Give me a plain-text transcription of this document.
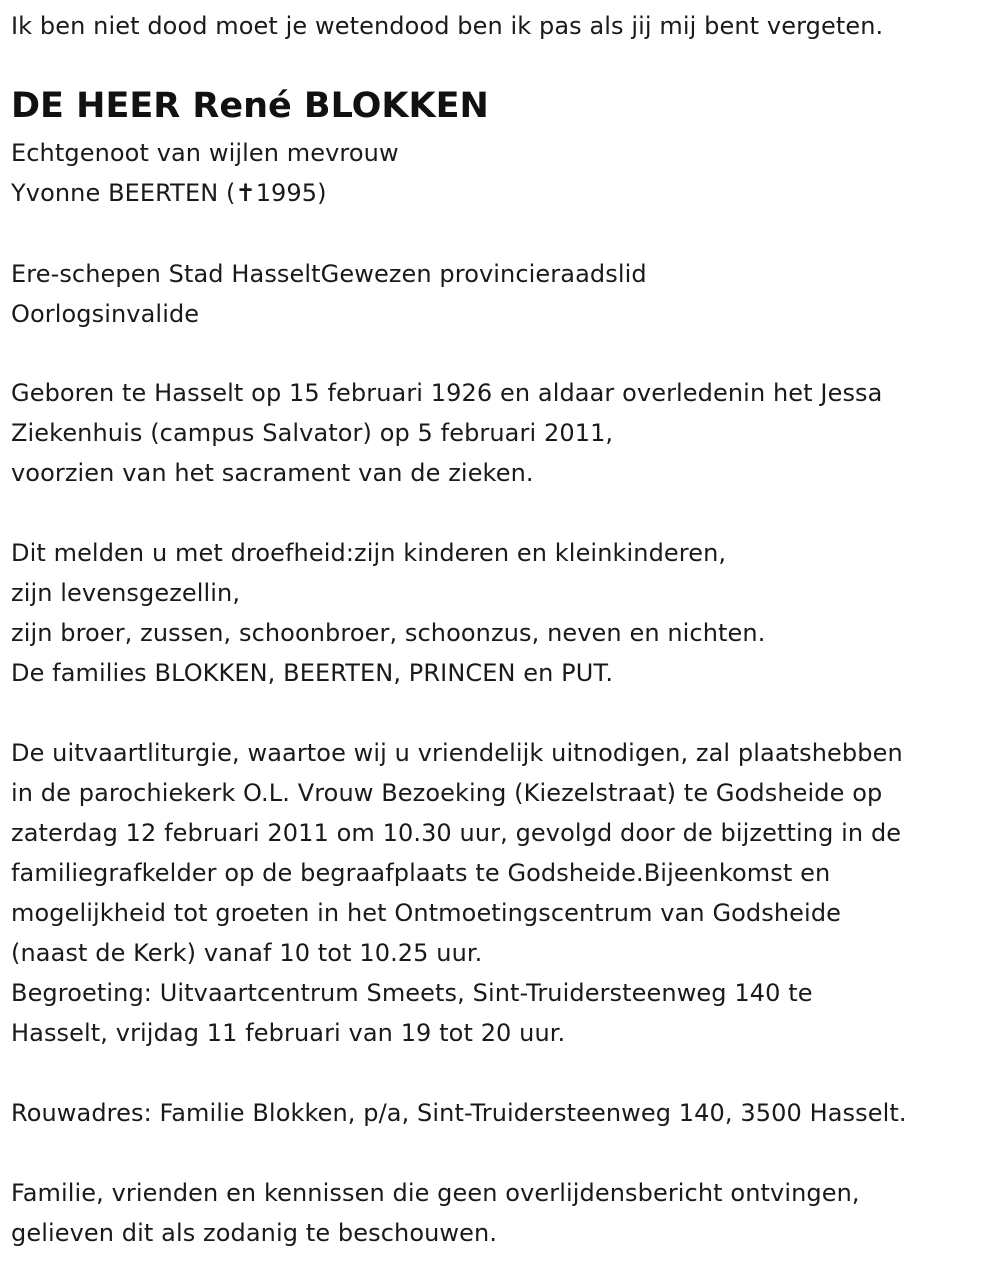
Ik ben niet dood moet je wetendood ben ik pas als jij mij bent vergeten.
DE HEER René BLOKKEN
Echtgenoot van wijlen mevrouw
Yvonne BEERTEN (✝1995)
Ere-schepen Stad HasseltGewezen provincieraadslid
Oorlogsinvalide
Geboren te Hasselt op 15 februari 1926 en aldaar overledenin het Jessa
Ziekenhuis (campus Salvator) op 5 februari 2011,
voorzien van het sacrament van de zieken.
Dit melden u met droefheid:zijn kinderen en kleinkinderen,
zijn levensgezellin,
zijn broer, zussen, schoonbroer, schoonzus, neven en nichten.
De families BLOKKEN, BEERTEN, PRINCEN en PUT.
De uitvaartliturgie, waartoe wij u vriendelijk uitnodigen, zal plaatshebben
in de parochiekerk O.L. Vrouw Bezoeking (Kiezelstraat) te Godsheide op
zaterdag 12 februari 2011 om 10.30 uur, gevolgd door de bijzetting in de
familiegrafkelder op de begraafplaats te Godsheide.Bijeenkomst en
mogelijkheid tot groeten in het Ontmoetingscentrum van Godsheide
(naast de Kerk) vanaf 10 tot 10.25 uur.
Begroeting: Uitvaartcentrum Smeets, Sint-Truidersteenweg 140 te
Hasselt, vrijdag 11 februari van 19 tot 20 uur.
Rouwadres: Familie Blokken, p/a, Sint-Truidersteenweg 140, 3500 Hasselt.
Familie, vrienden en kennissen die geen overlijdensbericht ontvingen,
gelieven dit als zodanig te beschouwen.
